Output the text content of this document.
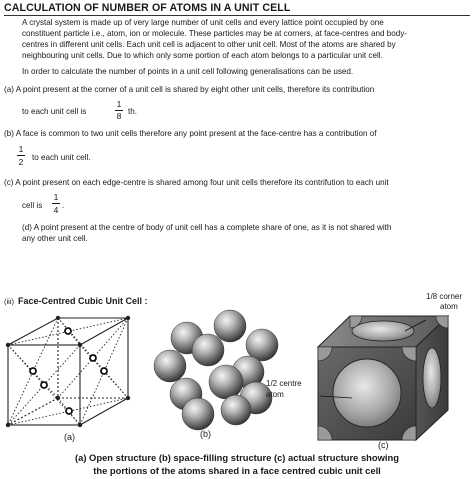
CALCULATION OF NUMBER OF ATOMS IN A UNIT CELL
A crystal system is made up of very large number of unit cells and every lattice point occupied by one
constituent particle i.e., atom, ion or molecule. These particles may be at corners, at face-centres and body-
centres in different unit cells. Each unit cell is adjacent to other unit cell. Most of the atoms are shared by
neighbouring unit cells. Due to which only some portion of each atom belongs to a particular unit cell.
In order to calculate the number of points in a unit cell following generalisations can be used.
(a) A point present at the corner of a unit cell is shared by eight other unit cells, therefore its contribution
to each unit cell is
1
8 th.
(b) A face is common to two unit cells therefore any point present at the face-centre has a contribution of
1
2	to each unit cell.
(c) A point present on each edge-centre is shared among four unit cells therefore its contrifution to each unit
cell is
1
4 .
(d) A point present at the centre of body of unit cell has a complete share of one, as it is not shared with
any other unit cell.
(iii) Face-Centred Cubic Unit Cell :
(a)	(b)
(c)
1/8 corner
atom
1/2 centre
atom
(a) Open structure (b) space-filling structure (c) actual structure showing
the portions of the atoms shared in a face centred cubic unit cell
